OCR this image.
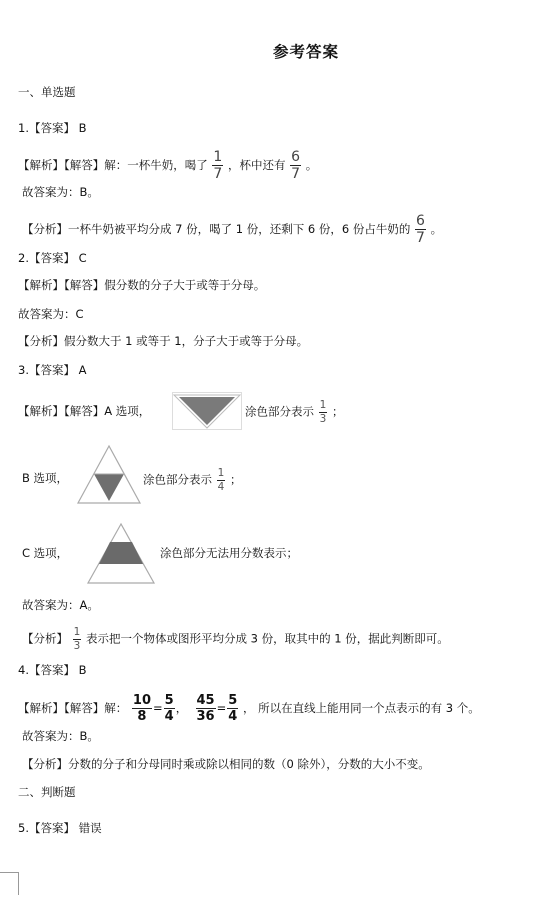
参考答案
一、单选题
1.【答案】 B
【解析】【解答】解：一杯牛奶，喝了 $\frac{1}{7}$ ，杯中还有 $\frac{6}{7}$ 。
故答案为：B。
【分析】一杯牛奶被平均分成 7 份，喝了 1 份，还剩下 6 份，6 份占牛奶的 $\frac{6}{7}$ 。
2.【答案】 C
【解析】【解答】假分数的分子大于或等于分母。
故答案为：C
【分析】假分数大于 1 或等于 1，分子大于或等于分母。
3.【答案】 A
【解析】【解答】A 选项，	涂色部分表示 $\frac{1}{3}$ ；
B 选项，	涂色部分表示 $\frac{1}{4}$ ；
C 选项，	涂色部分无法用分数表示；
故答案为：A。
【分析】 $\frac{1}{3}$ 表示把一个物体或图形平均分成 3 份，取其中的 1 份，据此判断即可。
4.【答案】 B
【解析】【解答】解： $\frac{10}{8} = \frac{5}{4}$ ， $\frac{45}{36} = \frac{5}{4}$ ， 所以在直线上能用同一个点表示的有 3 个。
故答案为：B。
【分析】分数的分子和分母同时乘或除以相同的数（0 除外），分数的大小不变。
二、判断题
5.【答案】 错误
